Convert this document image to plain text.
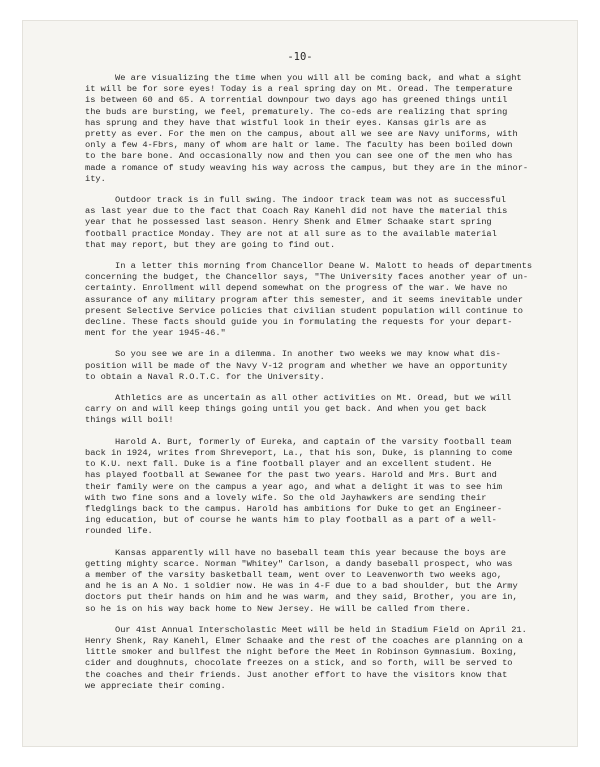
-10-
We are visualizing the time when you will all be coming back, and what a sight
it will be for sore eyes! Today is a real spring day on Mt. Oread. The temperature
is between 60 and 65. A torrential downpour two days ago has greened things until
the buds are bursting, we feel, prematurely. The co-eds are realizing that spring
has sprung and they have that wistful look in their eyes. Kansas girls are as
pretty as ever. For the men on the campus, about all we see are Navy uniforms, with
only a few 4-Fbrs, many of whom are halt or lame. The faculty has been boiled down
to the bare bone. And occasionally now and then you can see one of the men who has
made a romance of study weaving his way across the campus, but they are in the minor-
ity.
Outdoor track is in full swing. The indoor track team was not as successful
as last year due to the fact that Coach Ray Kanehl did not have the material this
year that he possessed last season. Henry Shenk and Elmer Schaake start spring
football practice Monday. They are not at all sure as to the available material
that may report, but they are going to find out.
In a letter this morning from Chancellor Deane W. Malott to heads of departments
concerning the budget, the Chancellor says, "The University faces another year of un-
certainty. Enrollment will depend somewhat on the progress of the war. We have no
assurance of any military program after this semester, and it seems inevitable under
present Selective Service policies that civilian student population will continue to
decline. These facts should guide you in formulating the requests for your depart-
ment for the year 1945-46."
So you see we are in a dilemma. In another two weeks we may know what dis-
position will be made of the Navy V-12 program and whether we have an opportunity
to obtain a Naval R.O.T.C. for the University.
Athletics are as uncertain as all other activities on Mt. Oread, but we will
carry on and will keep things going until you get back. And when you get back
things will boil!
Harold A. Burt, formerly of Eureka, and captain of the varsity football team
back in 1924, writes from Shreveport, La., that his son, Duke, is planning to come
to K.U. next fall. Duke is a fine football player and an excellent student. He
has played football at Sewanee for the past two years. Harold and Mrs. Burt and
their family were on the campus a year ago, and what a delight it was to see him
with two fine sons and a lovely wife. So the old Jayhawkers are sending their
fledglings back to the campus. Harold has ambitions for Duke to get an Engineer-
ing education, but of course he wants him to play football as a part of a well-
rounded life.
Kansas apparently will have no baseball team this year because the boys are
getting mighty scarce. Norman "Whitey" Carlson, a dandy baseball prospect, who was
a member of the varsity basketball team, went over to Leavenworth two weeks ago,
and he is an A No. 1 soldier now. He was in 4-F due to a bad shoulder, but the Army
doctors put their hands on him and he was warm, and they said, Brother, you are in,
so he is on his way back home to New Jersey. He will be called from there.
Our 41st Annual Interscholastic Meet will be held in Stadium Field on April 21.
Henry Shenk, Ray Kanehl, Elmer Schaake and the rest of the coaches are planning on a
little smoker and bullfest the night before the Meet in Robinson Gymnasium. Boxing,
cider and doughnuts, chocolate freezes on a stick, and so forth, will be served to
the coaches and their friends. Just another effort to have the visitors know that
we appreciate their coming.
